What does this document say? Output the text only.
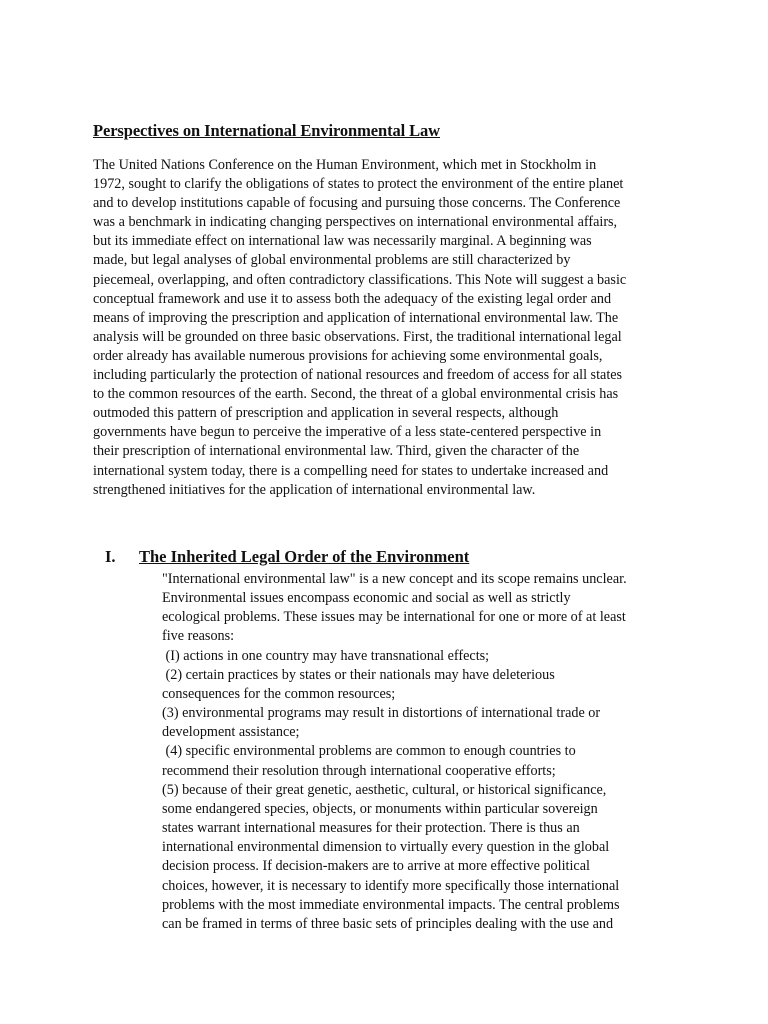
Perspectives on International Environmental Law

The United Nations Conference on the Human Environment, which met in Stockholm in
1972, sought to clarify the obligations of states to protect the environment of the entire planet
and to develop institutions capable of focusing and pursuing those concerns. The Conference
was a benchmark in indicating changing perspectives on international environmental affairs,
but its immediate effect on international law was necessarily marginal. A beginning was
made, but legal analyses of global environmental problems are still characterized by
piecemeal, overlapping, and often contradictory classifications. This Note will suggest a basic
conceptual framework and use it to assess both the adequacy of the existing legal order and
means of improving the prescription and application of international environmental law. The
analysis will be grounded on three basic observations. First, the traditional international legal
order already has available numerous provisions for achieving some environmental goals,
including particularly the protection of national resources and freedom of access for all states
to the common resources of the earth. Second, the threat of a global environmental crisis has
outmoded this pattern of prescription and application in several respects, although
governments have begun to perceive the imperative of a less state-centered perspective in
their prescription of international environmental law. Third, given the character of the
international system today, there is a compelling need for states to undertake increased and
strengthened initiatives for the application of international environmental law.

I. The Inherited Legal Order of the Environment

"International environmental law" is a new concept and its scope remains unclear.
Environmental issues encompass economic and social as well as strictly
ecological problems. These issues may be international for one or more of at least
five reasons:
(I) actions in one country may have transnational effects;
(2) certain practices by states or their nationals may have deleterious
consequences for the common resources;
(3) environmental programs may result in distortions of international trade or
development assistance;
(4) specific environmental problems are common to enough countries to
recommend their resolution through international cooperative efforts;
(5) because of their great genetic, aesthetic, cultural, or historical significance,
some endangered species, objects, or monuments within particular sovereign
states warrant international measures for their protection. There is thus an
international environmental dimension to virtually every question in the global
decision process. If decision-makers are to arrive at more effective political
choices, however, it is necessary to identify more specifically those international
problems with the most immediate environmental impacts. The central problems
can be framed in terms of three basic sets of principles dealing with the use and
